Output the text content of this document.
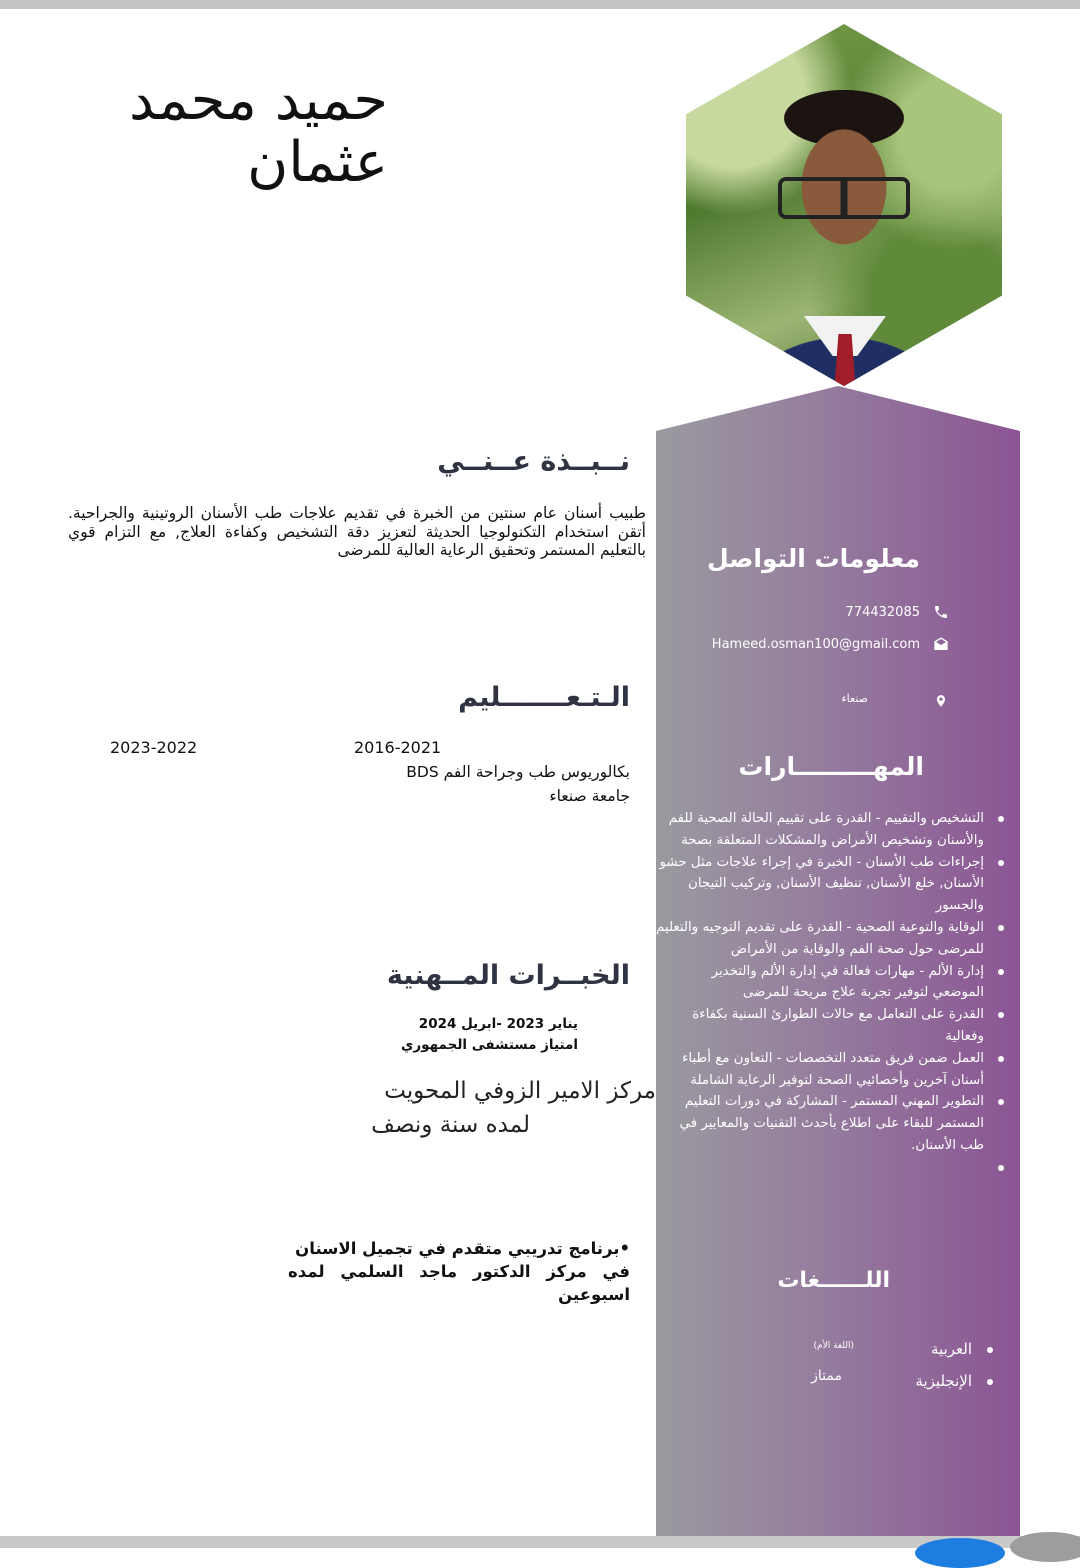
حميد محمد
عثمان
نــبــذة عــنــي
طبيب أسنان عام سنتين من الخبرة في تقديم علاجات طب الأسنان الروتينية والجراحية. أتقن استخدام التكنولوجيا الحديثة لتعزيز دقة التشخيص وكفاءة العلاج, مع التزام قوي بالتعليم المستمر وتحقيق الرعاية العالية للمرضى
الـتـعـــــــليم
2016-2021
2023-2022
بكالوريوس طب وجراحة الفم BDS
جامعة صنعاء
الخبــرات المــهنية
يناير 2023 -ابريل 2024
امتياز مستشفى الجمهوري
مركز الامير الزوفي المحويت
لمده سنة ونصف
•برنامج تدريبي متقدم في تجميل الاسنان
في مركز الدكتور ماجد السلمي لمده
اسبوعين
معلومات التواصل
774432085
Hameed.osman100@gmail.com
صنعاء
المهـــــــــارات
التشخيص والتقييم - القدرة على تقييم الحالة الصحية للفم والأسنان وتشخيص الأمراض والمشكلات المتعلقة بصحة
إجراءات طب الأسنان - الخبرة في إجراء علاجات مثل حشو الأسنان, خلع الأسنان, تنظيف الأسنان, وتركيب التيجان والجسور
الوقاية والتوعية الصحية - القدرة على تقديم التوجيه والتعليم للمرضى حول صحة الفم والوقاية من الأمراض
إدارة الألم - مهارات فعالة في إدارة الألم والتخدير الموضعي لتوفير تجربة علاج مريحة للمرضى
القدرة على التعامل مع حالات الطوارئ السنية بكفاءة وفعالية
العمل ضمن فريق متعدد التخصصات - التعاون مع أطباء أسنان آخرين وأخصائيي الصحة لتوفير الرعاية الشاملة
التطوير المهني المستمر - المشاركة في دورات التعليم المستمر للبقاء على اطلاع بأحدث التقنيات والمعايير في طب الأسنان.
اللــــــغات
العربية
(اللغة الأم)
الإنجليزية
ممتاز
